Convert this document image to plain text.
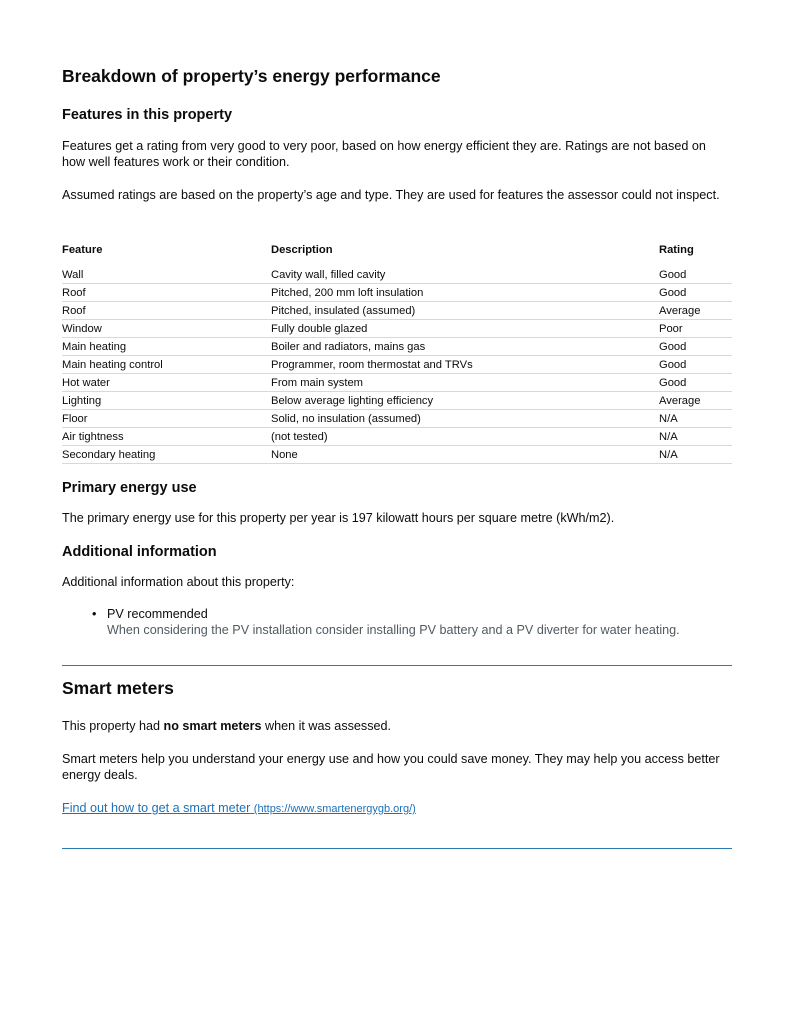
Breakdown of property’s energy performance
Features in this property

Features get a rating from very good to very poor, based on how energy efficient they are. Ratings are not based on how well features work or their condition.

Assumed ratings are based on the property’s age and type. They are used for features the assessor could not inspect.

Feature	Description	Rating
Wall	Cavity wall, filled cavity	Good
Roof	Pitched, 200 mm loft insulation	Good
Roof	Pitched, insulated (assumed)	Average
Window	Fully double glazed	Poor
Main heating	Boiler and radiators, mains gas	Good
Main heating control	Programmer, room thermostat and TRVs	Good
Hot water	From main system	Good
Lighting	Below average lighting efficiency	Average
Floor	Solid, no insulation (assumed)	N/A
Air tightness	(not tested)	N/A
Secondary heating	None	N/A
Primary energy use

The primary energy use for this property per year is 197 kilowatt hours per square metre (kWh/m2).

Additional information

Additional information about this property:

• PV recommended
When considering the PV installation consider installing PV battery and a PV diverter for water heating.
Smart meters

This property had no smart meters when it was assessed.

Smart meters help you understand your energy use and how you could save money. They may help you access better energy deals.

Find out how to get a smart meter (https://www.smartenergygb.org/)
